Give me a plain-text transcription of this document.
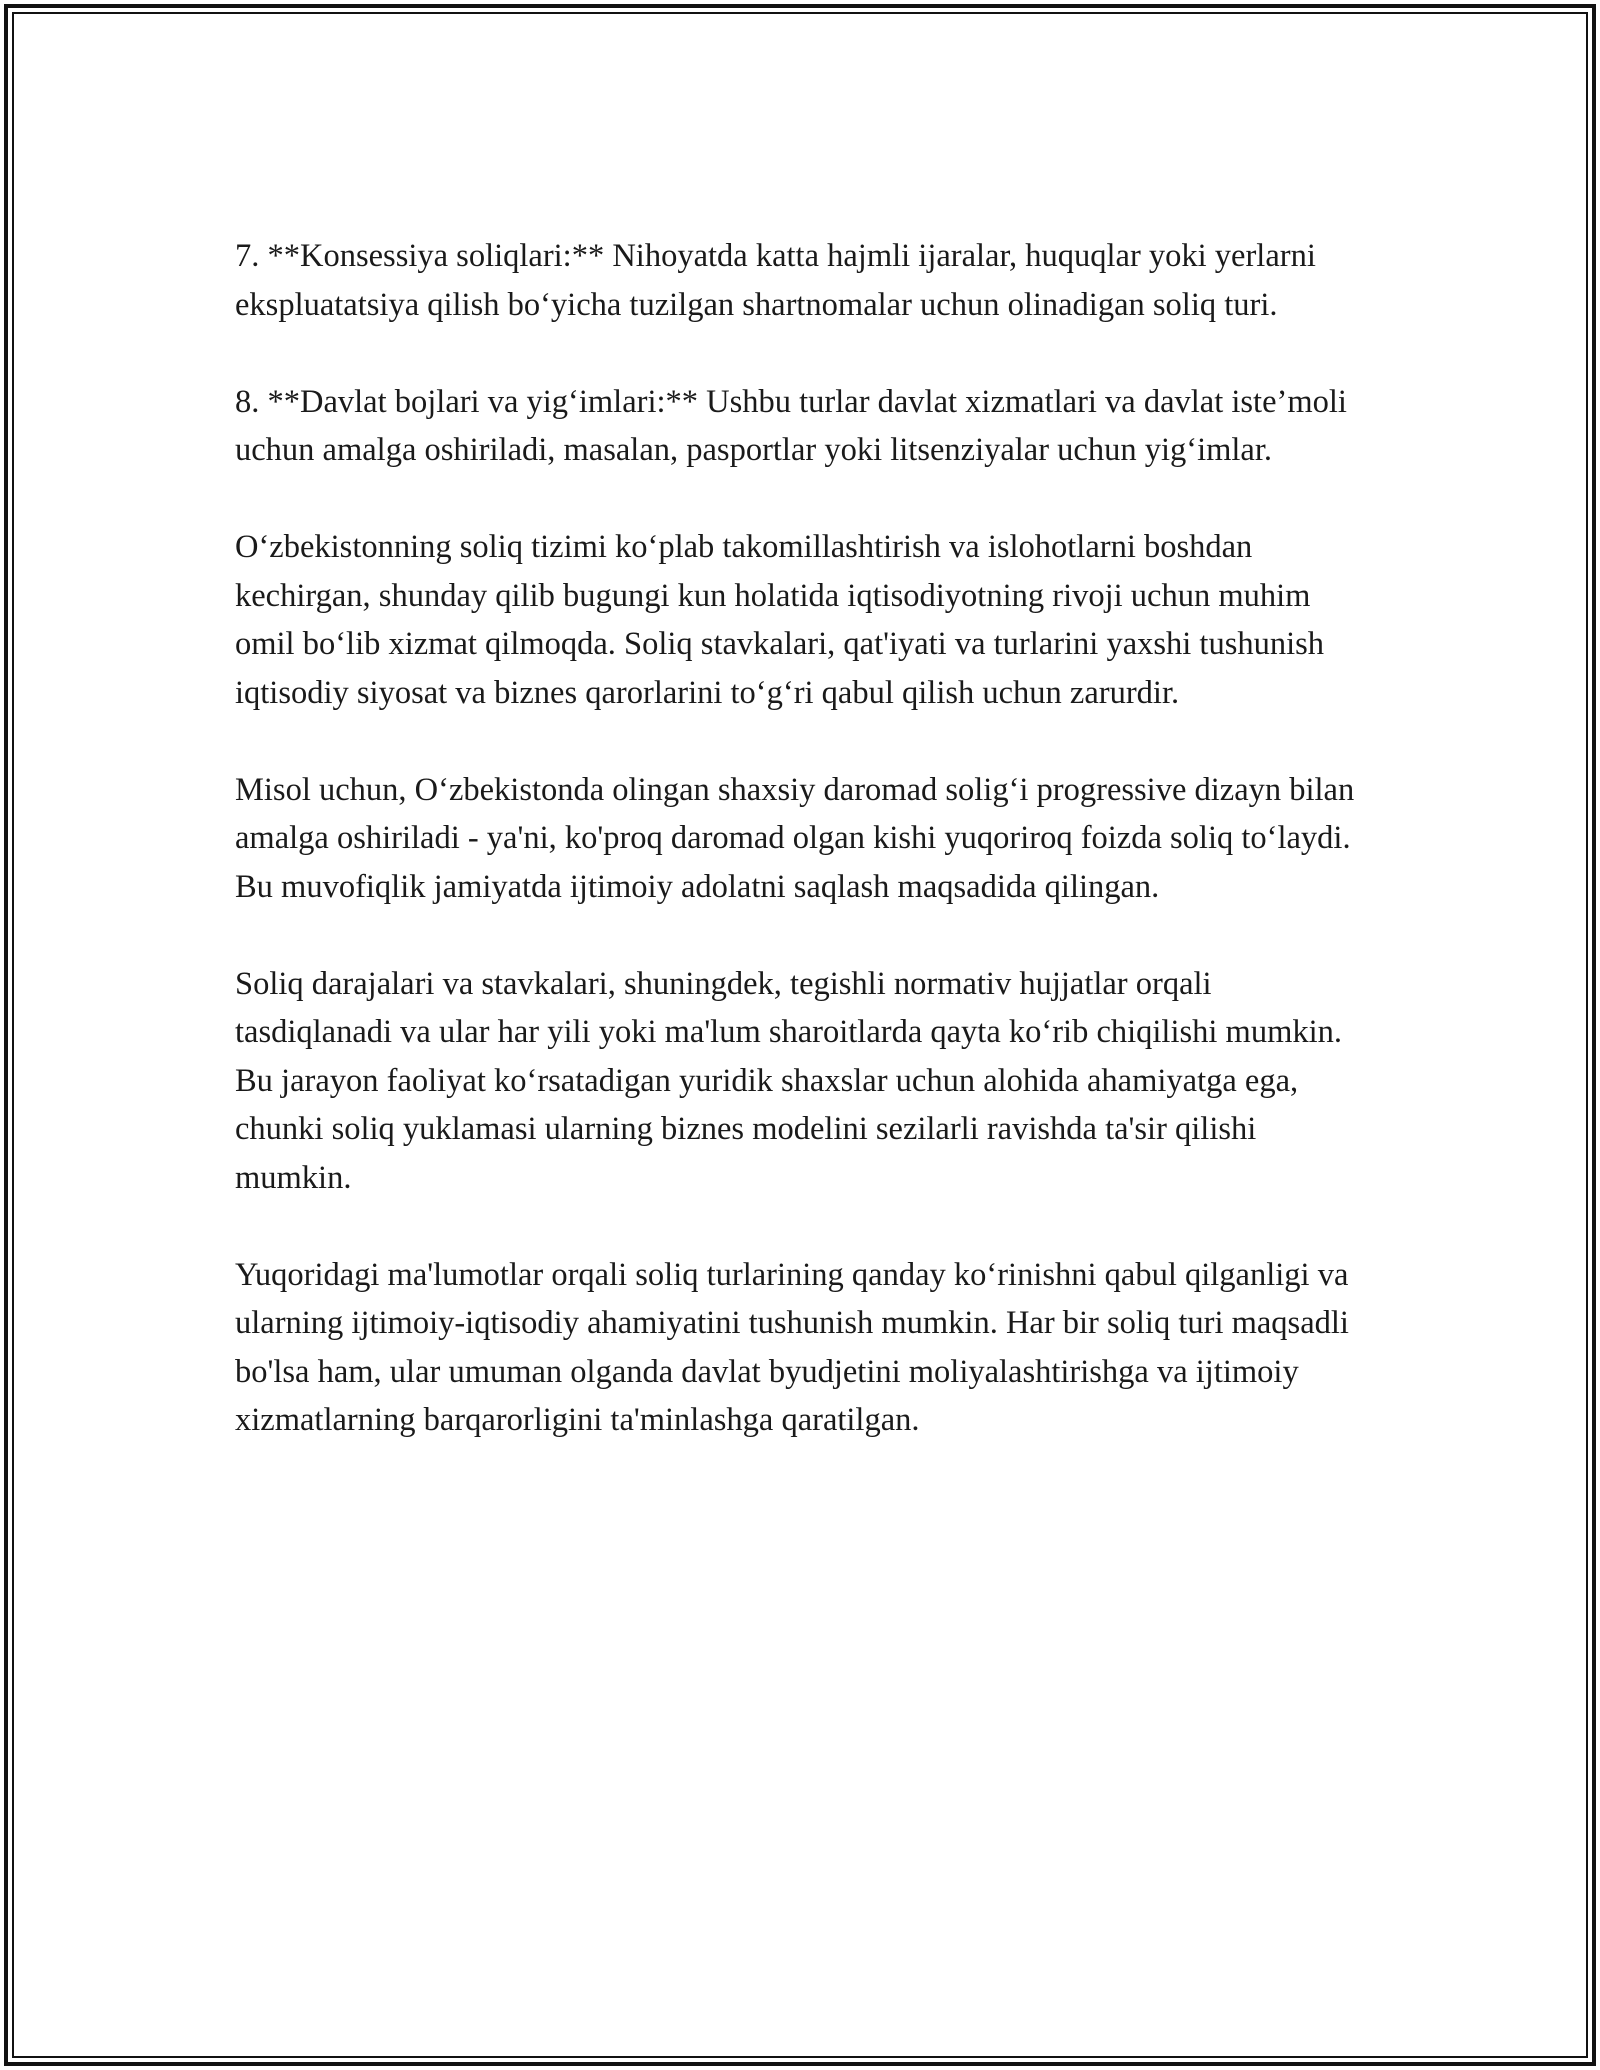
7. **Konsessiya soliqlari:** Nihoyatda katta hajmli ijaralar, huquqlar yoki yerlarni ekspluatatsiya qilish bo‘yicha tuzilgan shartnomalar uchun olinadigan soliq turi.

8. **Davlat bojlari va yig‘imlari:** Ushbu turlar davlat xizmatlari va davlat iste’moli uchun amalga oshiriladi, masalan, pasportlar yoki litsenziyalar uchun yig‘imlar.

O‘zbekistonning soliq tizimi ko‘plab takomillashtirish va islohotlarni boshdan kechirgan, shunday qilib bugungi kun holatida iqtisodiyotning rivoji uchun muhim omil bo‘lib xizmat qilmoqda. Soliq stavkalari, qat'iyati va turlarini yaxshi tushunish iqtisodiy siyosat va biznes qarorlarini to‘g‘ri qabul qilish uchun zarurdir.

Misol uchun, O‘zbekistonda olingan shaxsiy daromad solig‘i progressive dizayn bilan amalga oshiriladi - ya'ni, ko'proq daromad olgan kishi yuqoriroq foizda soliq to‘laydi. Bu muvofiqlik jamiyatda ijtimoiy adolatni saqlash maqsadida qilingan.

Soliq darajalari va stavkalari, shuningdek, tegishli normativ hujjatlar orqali tasdiqlanadi va ular har yili yoki ma'lum sharoitlarda qayta ko‘rib chiqilishi mumkin. Bu jarayon faoliyat ko‘rsatadigan yuridik shaxslar uchun alohida ahamiyatga ega, chunki soliq yuklamasi ularning biznes modelini sezilarli ravishda ta'sir qilishi mumkin.

Yuqoridagi ma'lumotlar orqali soliq turlarining qanday ko‘rinishni qabul qilganligi va ularning ijtimoiy-iqtisodiy ahamiyatini tushunish mumkin. Har bir soliq turi maqsadli bo'lsa ham, ular umuman olganda davlat byudjetini moliyalashtirishga va ijtimoiy xizmatlarning barqarorligini ta'minlashga qaratilgan.
